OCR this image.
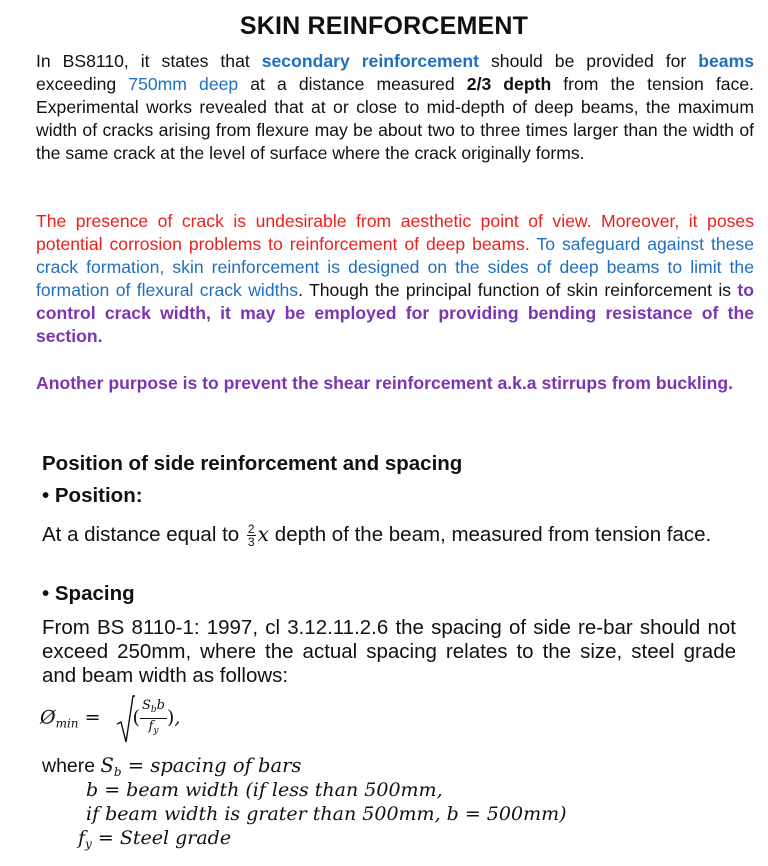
SKIN REINFORCEMENT
In BS8110, it states that secondary reinforcement should be provided for beams exceeding 750mm deep at a distance measured 2/3 depth from the tension face. Experimental works revealed that at or close to mid-depth of deep beams, the maximum width of cracks arising from flexure may be about two to three times larger than the width of the same crack at the level of surface where the crack originally forms.
The presence of crack is undesirable from aesthetic point of view. Moreover, it poses potential corrosion problems to reinforcement of deep beams. To safeguard against these crack formation, skin reinforcement is designed on the sides of deep beams to limit the formation of flexural crack widths. Though the principal function of skin reinforcement is to control crack width, it may be employed for providing bending resistance of the section.
Another purpose is to prevent the shear reinforcement a.k.a stirrups from buckling.
Position of side reinforcement and spacing
• Position:
At a distance equal to $\frac{2}{3}$ x depth of the beam, measured from tension face.
• Spacing
From BS 8110-1: 1997, cl 3.12.11.2.6 the spacing of side re-bar should not exceed 250mm, where the actual spacing relates to the size, steel grade and beam width as follows:
$Ø_{min}$ =
( $\frac{S_bb}{f_y}$ ),
where $S_b$ = spacing of bars
b = beam width (if less than 500mm,
if beam width is grater than 500mm, b = 500mm)
$f_y$ = Steel grade
